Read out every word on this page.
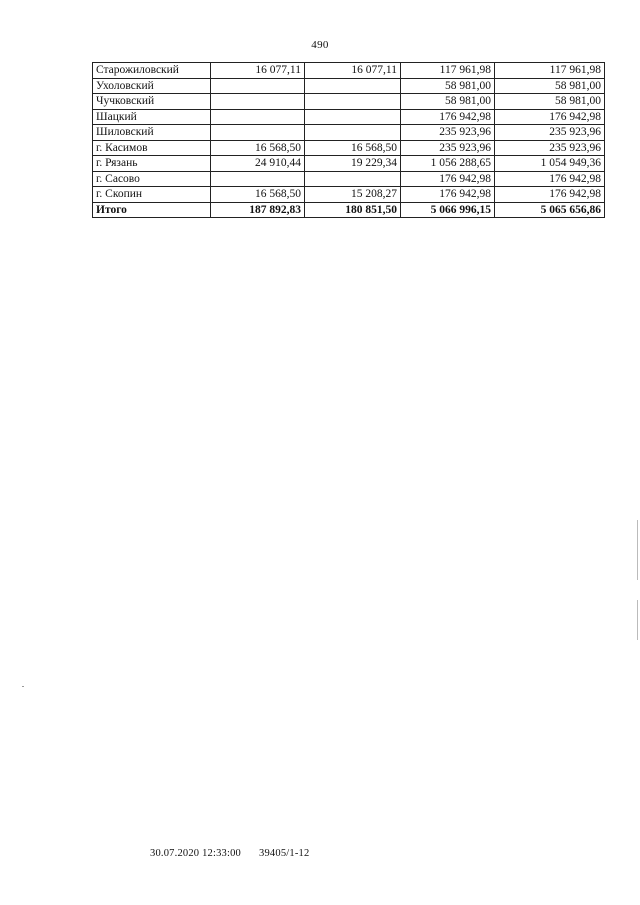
490
Старожиловский	16 077,11	16 077,11	117 961,98	117 961,98
Ухоловский			58 981,00	58 981,00
Чучковский			58 981,00	58 981,00
Шацкий			176 942,98	176 942,98
Шиловский			235 923,96	235 923,96
г. Касимов	16 568,50	16 568,50	235 923,96	235 923,96
г. Рязань	24 910,44	19 229,34	1 056 288,65	1 054 949,36
г. Сасово			176 942,98	176 942,98
г. Скопин	16 568,50	15 208,27	176 942,98	176 942,98
Итого	187 892,83	180 851,50	5 066 996,15	5 065 656,86
30.07.2020 12:33:00 39405/1-12
